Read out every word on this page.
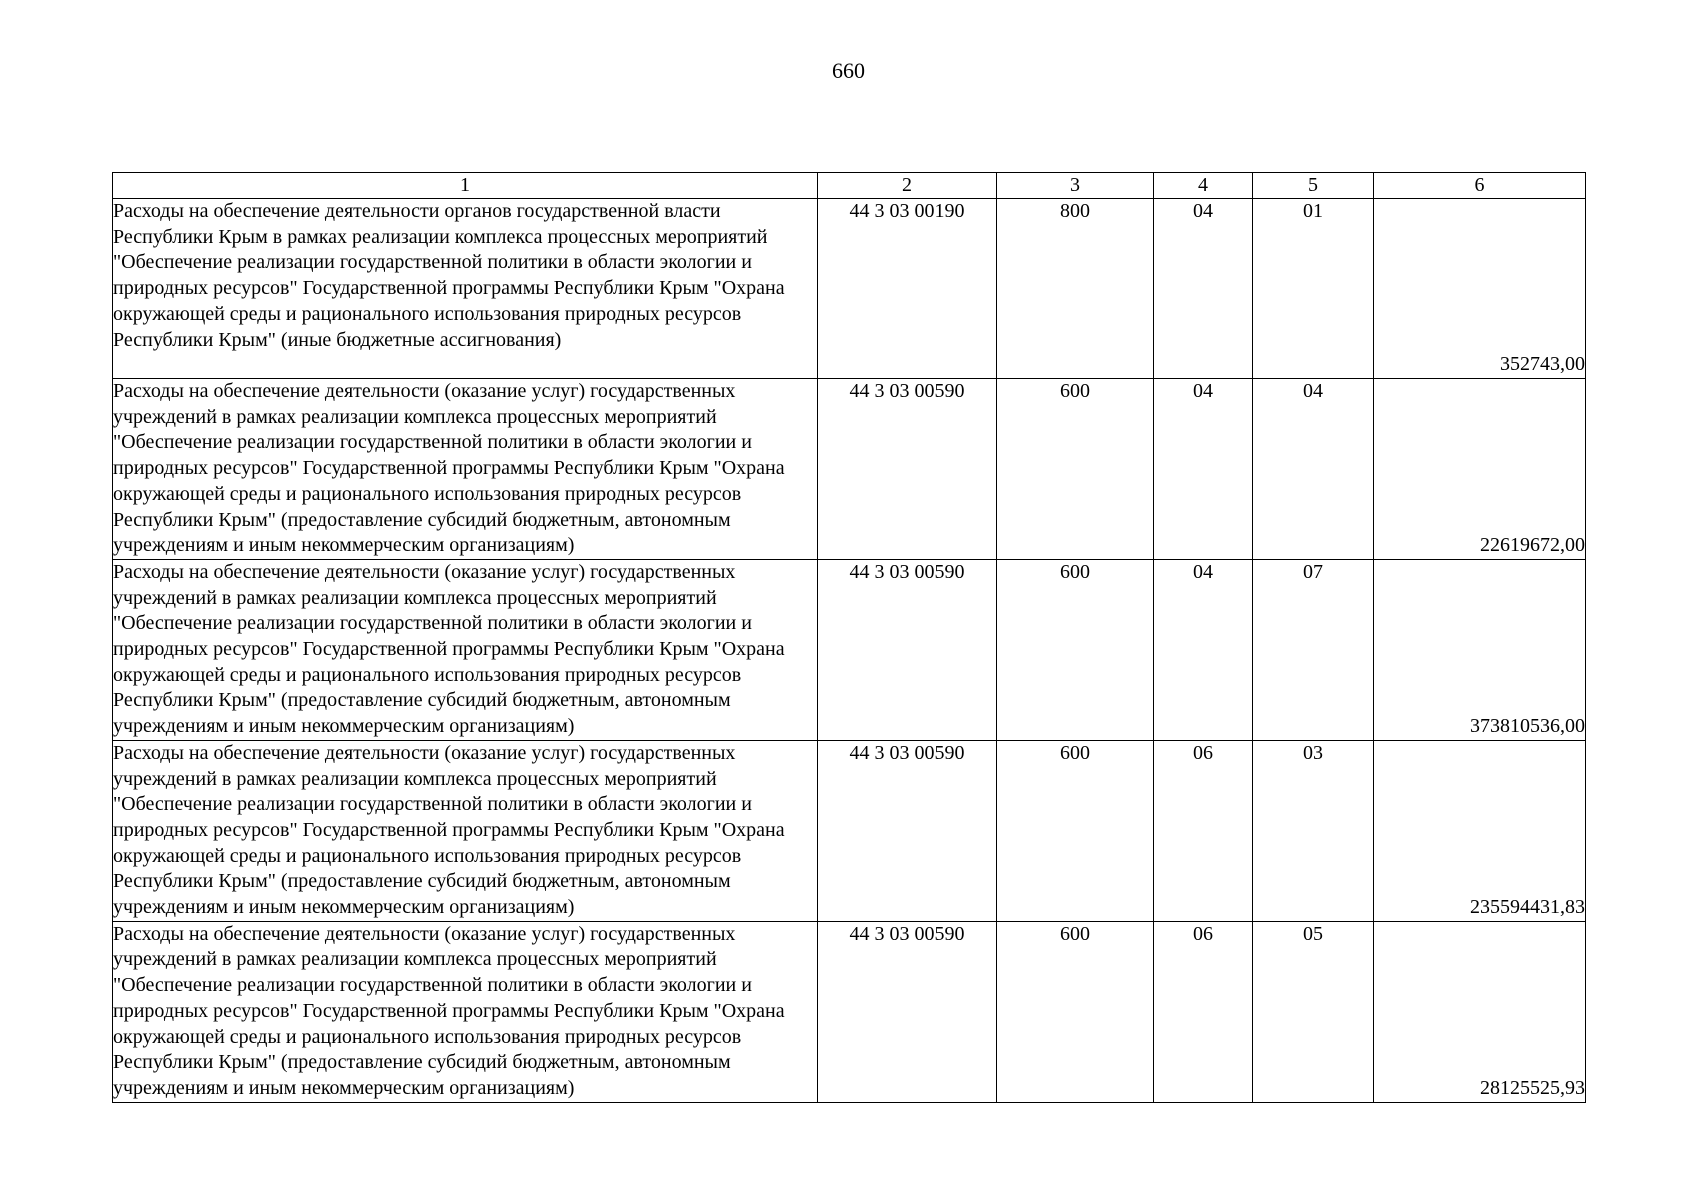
660
1	2	3	4	5	6
Расходы на обеспечение деятельности органов государственной власти Республики Крым в рамках реализации комплекса процессных мероприятий "Обеспечение реализации государственной политики в области экологии и природных ресурсов" Государственной программы Республики Крым "Охрана окружающей среды и рационального использования природных ресурсов Республики Крым" (иные бюджетные ассигнования)	44 3 03 00190	800	04	01	352743,00
Расходы на обеспечение деятельности (оказание услуг) государственных учреждений в рамках реализации комплекса процессных мероприятий "Обеспечение реализации государственной политики в области экологии и природных ресурсов" Государственной программы Республики Крым "Охрана окружающей среды и рационального использования природных ресурсов Республики Крым" (предоставление субсидий бюджетным, автономным учреждениям и иным некоммерческим организациям)	44 3 03 00590	600	04	04	22619672,00
Расходы на обеспечение деятельности (оказание услуг) государственных учреждений в рамках реализации комплекса процессных мероприятий "Обеспечение реализации государственной политики в области экологии и природных ресурсов" Государственной программы Республики Крым "Охрана окружающей среды и рационального использования природных ресурсов Республики Крым" (предоставление субсидий бюджетным, автономным учреждениям и иным некоммерческим организациям)	44 3 03 00590	600	04	07	373810536,00
Расходы на обеспечение деятельности (оказание услуг) государственных учреждений в рамках реализации комплекса процессных мероприятий "Обеспечение реализации государственной политики в области экологии и природных ресурсов" Государственной программы Республики Крым "Охрана окружающей среды и рационального использования природных ресурсов Республики Крым" (предоставление субсидий бюджетным, автономным учреждениям и иным некоммерческим организациям)	44 3 03 00590	600	06	03	235594431,83
Расходы на обеспечение деятельности (оказание услуг) государственных учреждений в рамках реализации комплекса процессных мероприятий "Обеспечение реализации государственной политики в области экологии и природных ресурсов" Государственной программы Республики Крым "Охрана окружающей среды и рационального использования природных ресурсов Республики Крым" (предоставление субсидий бюджетным, автономным учреждениям и иным некоммерческим организациям)	44 3 03 00590	600	06	05	28125525,93
